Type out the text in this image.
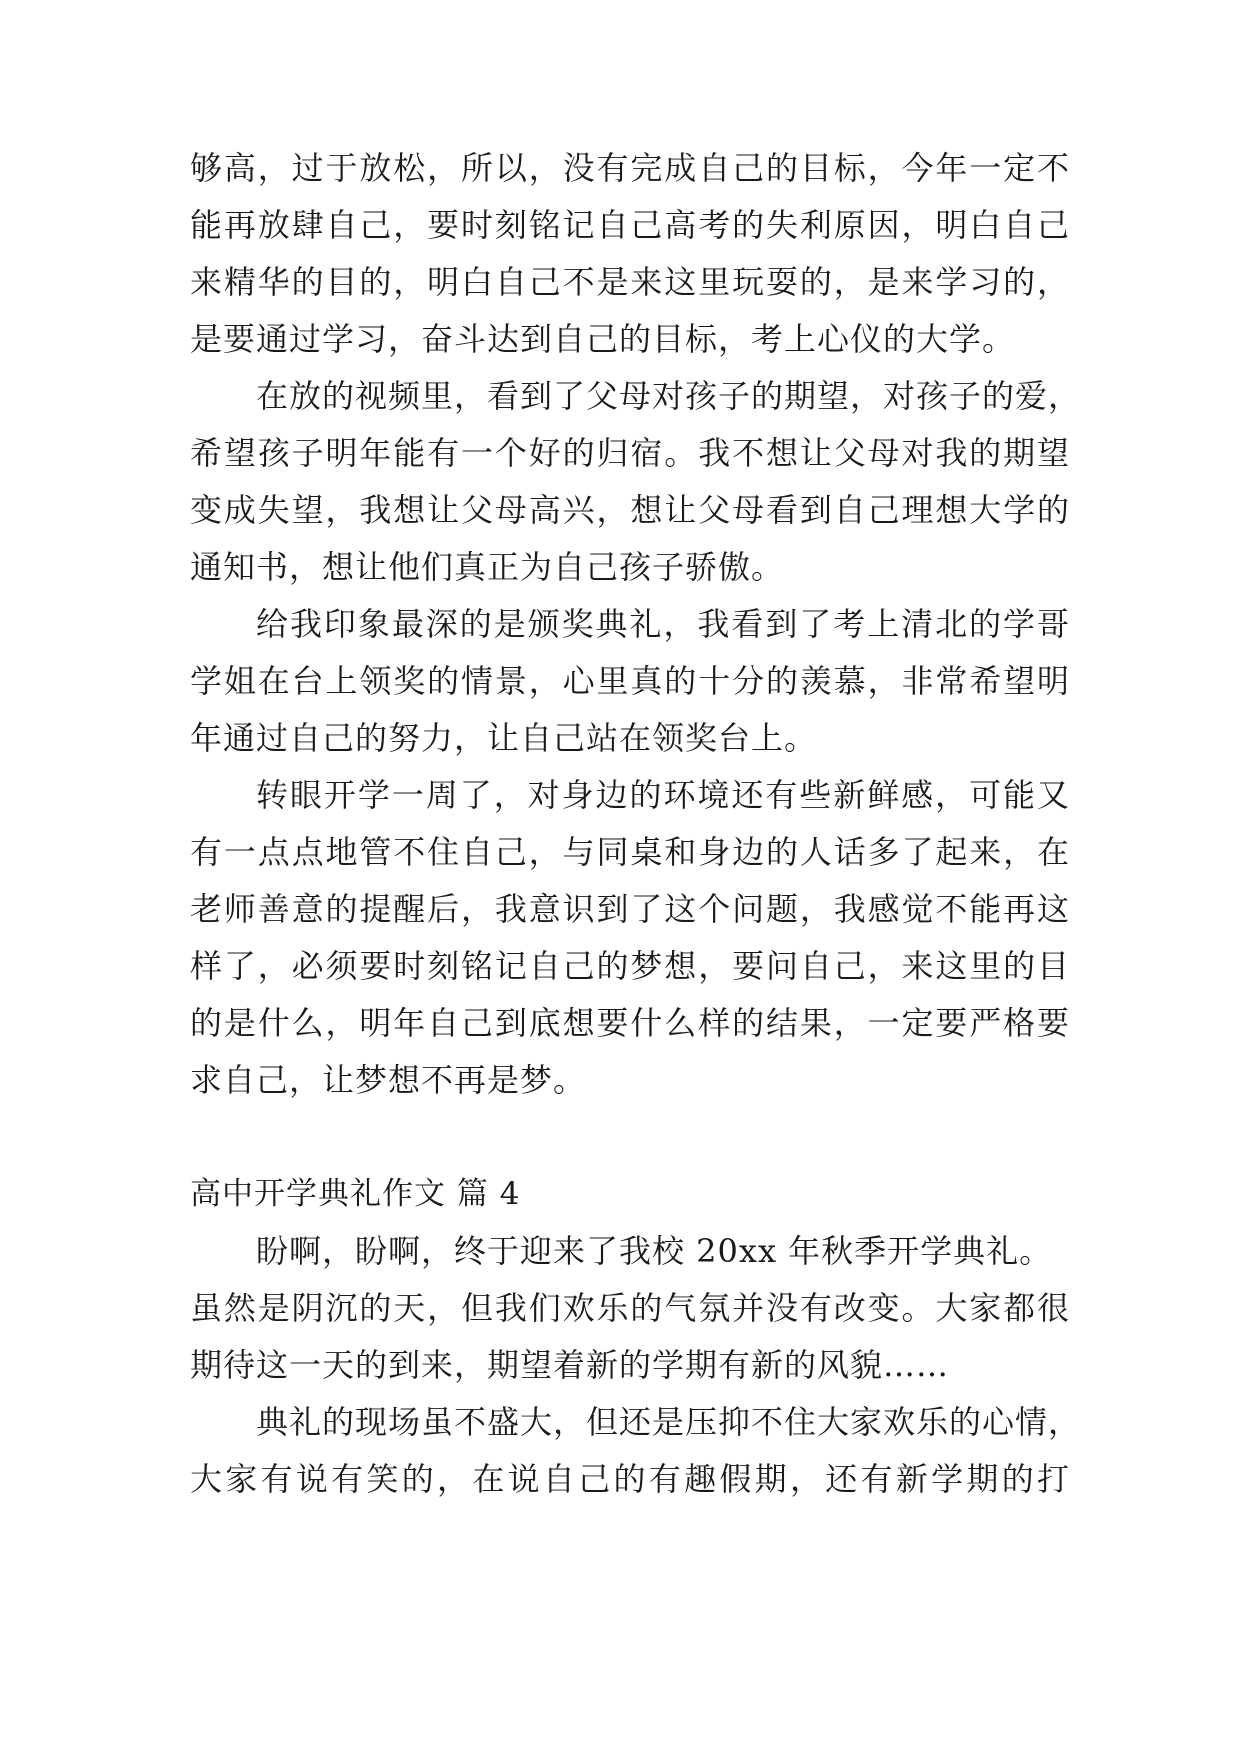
够高，过于放松，所以，没有完成自己的目标，今年一定不
能再放肆自己，要时刻铭记自己高考的失利原因，明白自己
来精华的目的，明白自己不是来这里玩耍的，是来学习的，
是要通过学习，奋斗达到自己的目标，考上心仪的大学。
在放的视频里，看到了父母对孩子的期望，对孩子的爱，
希望孩子明年能有一个好的归宿。我不想让父母对我的期望
变成失望，我想让父母高兴，想让父母看到自己理想大学的
通知书，想让他们真正为自己孩子骄傲。
给我印象最深的是颁奖典礼，我看到了考上清北的学哥
学姐在台上领奖的情景，心里真的十分的羡慕，非常希望明
年通过自己的努力，让自己站在领奖台上。
转眼开学一周了，对身边的环境还有些新鲜感，可能又
有一点点地管不住自己，与同桌和身边的人话多了起来，在
老师善意的提醒后，我意识到了这个问题，我感觉不能再这
样了，必须要时刻铭记自己的梦想，要问自己，来这里的目
的是什么，明年自己到底想要什么样的结果，一定要严格要
求自己，让梦想不再是梦。
高中开学典礼作文 篇 4
盼啊，盼啊，终于迎来了我校 20xx 年秋季开学典礼。
虽然是阴沉的天，但我们欢乐的气氛并没有改变。大家都很
期待这一天的到来，期望着新的学期有新的风貌……
典礼的现场虽不盛大，但还是压抑不住大家欢乐的心情，
大家有说有笑的，在说自己的有趣假期，还有新学期的打
